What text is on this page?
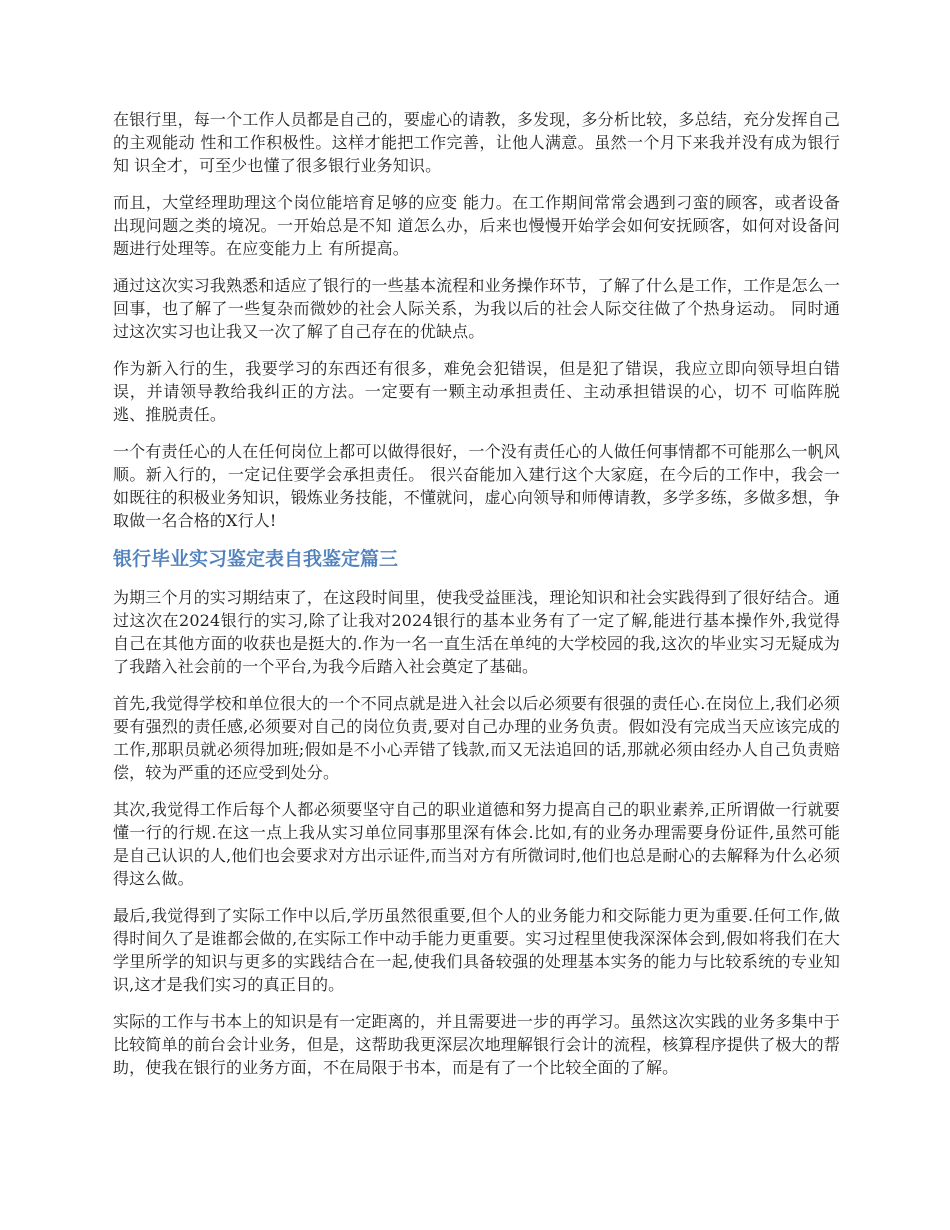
在银行里，每一个工作人员都是自己的，要虚心的请教，多发现，多分析比较，多总结，充分发挥自己的主观能动 性和工作积极性。这样才能把工作完善，让他人满意。虽然一个月下来我并没有成为银行知 识全才，可至少也懂了很多银行业务知识。

而且，大堂经理助理这个岗位能培育足够的应变 能力。在工作期间常常会遇到刁蛮的顾客，或者设备出现问题之类的境况。一开始总是不知 道怎么办，后来也慢慢开始学会如何安抚顾客，如何对设备问题进行处理等。在应变能力上 有所提高。

通过这次实习我熟悉和适应了银行的一些基本流程和业务操作环节，了解了什么是工作，工作是怎么一回事，也了解了一些复杂而微妙的社会人际关系，为我以后的社会人际交往做了个热身运动。 同时通过这次实习也让我又一次了解了自己存在的优缺点。

作为新入行的生，我要学习的东西还有很多，难免会犯错误，但是犯了错误，我应立即向领导坦白错误，并请领导教给我纠正的方法。一定要有一颗主动承担责任、主动承担错误的心，切不 可临阵脱逃、推脱责任。

一个有责任心的人在任何岗位上都可以做得很好，一个没有责任心的人做任何事情都不可能那么一帆风顺。新入行的，一定记住要学会承担责任。 很兴奋能加入建行这个大家庭，在今后的工作中，我会一如既往的积极业务知识，锻炼业务技能，不懂就问，虚心向领导和师傅请教，多学多练，多做多想，争取做一名合格的X行人!

银行毕业实习鉴定表自我鉴定篇三

为期三个月的实习期结束了，在这段时间里，使我受益匪浅，理论知识和社会实践得到了很好结合。通过这次在2024银行的实习,除了让我对2024银行的基本业务有了一定了解,能进行基本操作外,我觉得自己在其他方面的收获也是挺大的.作为一名一直生活在单纯的大学校园的我,这次的毕业实习无疑成为了我踏入社会前的一个平台,为我今后踏入社会奠定了基础。

首先,我觉得学校和单位很大的一个不同点就是进入社会以后必须要有很强的责任心.在岗位上,我们必须要有强烈的责任感,必须要对自己的岗位负责,要对自己办理的业务负责。假如没有完成当天应该完成的工作,那职员就必须得加班;假如是不小心弄错了钱款,而又无法追回的话,那就必须由经办人自己负责赔偿，较为严重的还应受到处分。

其次,我觉得工作后每个人都必须要坚守自己的职业道德和努力提高自己的职业素养,正所谓做一行就要懂一行的行规.在这一点上我从实习单位同事那里深有体会.比如,有的业务办理需要身份证件,虽然可能是自己认识的人,他们也会要求对方出示证件,而当对方有所微词时,他们也总是耐心的去解释为什么必须得这么做。

最后,我觉得到了实际工作中以后,学历虽然很重要,但个人的业务能力和交际能力更为重要.任何工作,做得时间久了是谁都会做的,在实际工作中动手能力更重要。实习过程里使我深深体会到,假如将我们在大学里所学的知识与更多的实践结合在一起,使我们具备较强的处理基本实务的能力与比较系统的专业知识,这才是我们实习的真正目的。

实际的工作与书本上的知识是有一定距离的，并且需要进一步的再学习。虽然这次实践的业务多集中于比较简单的前台会计业务，但是，这帮助我更深层次地理解银行会计的流程，核算程序提供了极大的帮助，使我在银行的业务方面，不在局限于书本，而是有了一个比较全面的了解。
